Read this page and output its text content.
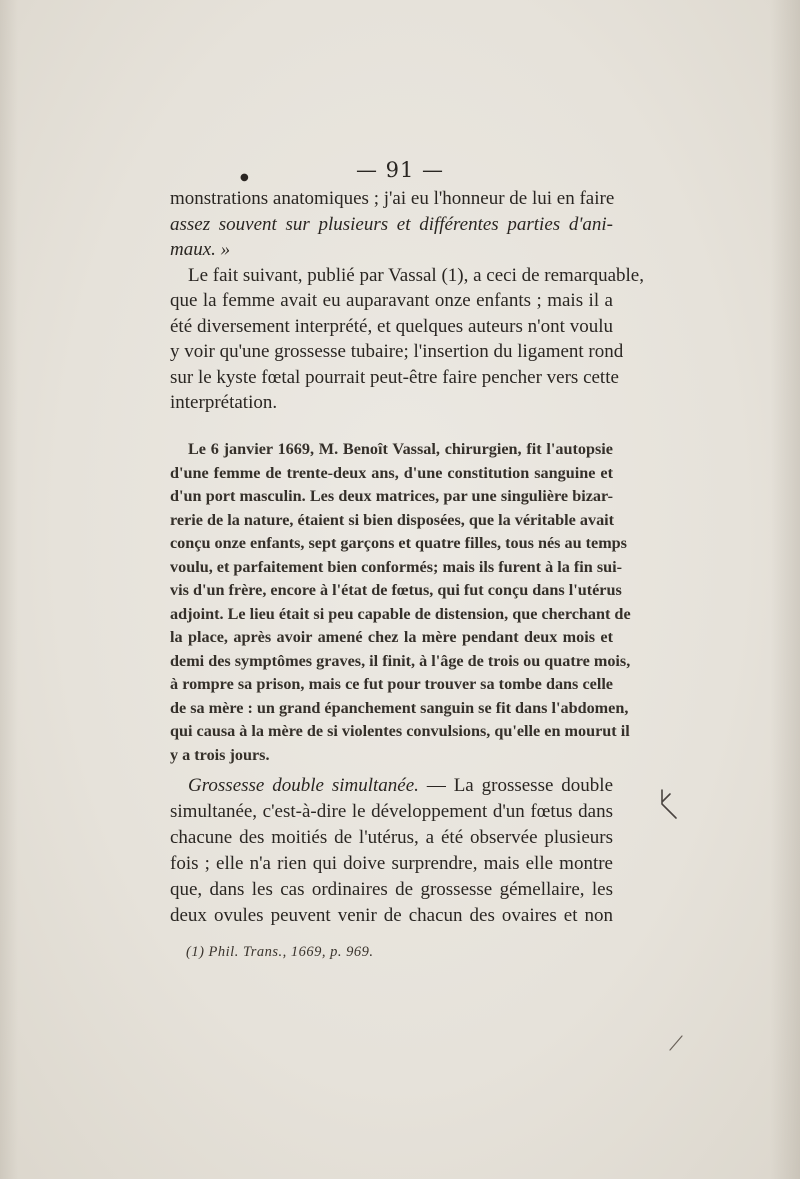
●	— 91 —
monstrations anatomiques ; j'ai eu l'honneur de lui en faire
assez souvent sur plusieurs et différentes parties d'ani-
maux. »
Le fait suivant, publié par Vassal (1), a ceci de remarquable,
que la femme avait eu auparavant onze enfants ; mais il a
été diversement interprété, et quelques auteurs n'ont voulu
y voir qu'une grossesse tubaire; l'insertion du ligament rond
sur le kyste fœtal pourrait peut-être faire pencher vers cette
interprétation.
Le 6 janvier 1669, M. Benoît Vassal, chirurgien, fit l'autopsie
d'une femme de trente-deux ans, d'une constitution sanguine et
d'un port masculin. Les deux matrices, par une singulière bizar-
rerie de la nature, étaient si bien disposées, que la véritable avait
conçu onze enfants, sept garçons et quatre filles, tous nés au temps
voulu, et parfaitement bien conformés; mais ils furent à la fin sui-
vis d'un frère, encore à l'état de fœtus, qui fut conçu dans l'utérus
adjoint. Le lieu était si peu capable de distension, que cherchant de
la place, après avoir amené chez la mère pendant deux mois et
demi des symptômes graves, il finit, à l'âge de trois ou quatre mois,
à rompre sa prison, mais ce fut pour trouver sa tombe dans celle
de sa mère : un grand épanchement sanguin se fit dans l'abdomen,
qui causa à la mère de si violentes convulsions, qu'elle en mourut il
y a trois jours.
Grossesse double simultanée. — La grossesse double
simultanée, c'est-à-dire le développement d'un fœtus dans
chacune des moitiés de l'utérus, a été observée plusieurs
fois ; elle n'a rien qui doive surprendre, mais elle montre
que, dans les cas ordinaires de grossesse gémellaire, les
deux ovules peuvent venir de chacun des ovaires et non
(1) Phil. Trans., 1669, p. 969.
